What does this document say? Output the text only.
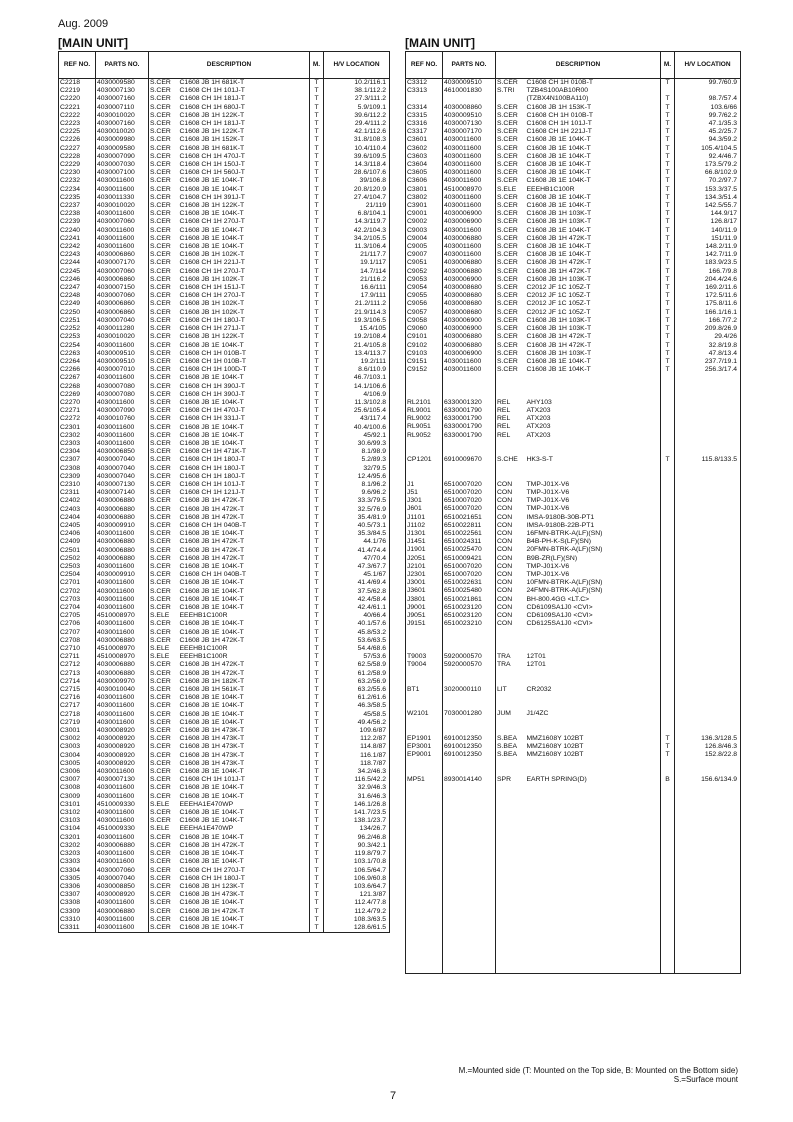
Aug. 2009
[MAIN UNIT]
REF NO.	PARTS NO.	DESCRIPTION		M.	H/V LOCATION
C2218	4030009580	S.CER	C1608 JB 1H 681K-T	T	10.2/116.1
C2219	4030007130	S.CER	C1608 CH 1H 101J-T	T	38.1/112.2
C2220	4030007160	S.CER	C1608 CH 1H 181J-T	T	27.3/111.2
C2221	4030007110	S.CER	C1608 CH 1H 680J-T	T	5.9/109.1
C2222	4030010020	S.CER	C1608 JB 1H 122K-T	T	39.6/112.2
C2223	4030007160	S.CER	C1608 CH 1H 181J-T	T	29.4/111.2
C2225	4030010020	S.CER	C1608 JB 1H 122K-T	T	42.1/112.6
C2226	4030009980	S.CER	C1608 JB 1H 152K-T	T	31.8/108.3
C2227	4030009580	S.CER	C1608 JB 1H 681K-T	T	10.4/110.4
C2228	4030007090	S.CER	C1608 CH 1H 470J-T	T	39.6/109.5
C2229	4030007030	S.CER	C1608 CH 1H 150J-T	T	14.3/118.4
C2230	4030007100	S.CER	C1608 CH 1H 560J-T	T	28.6/107.6
C2232	4030011600	S.CER	C1608 JB 1E 104K-T	T	39/106.8
C2234	4030011600	S.CER	C1608 JB 1E 104K-T	T	20.8/120.9
C2235	4030011330	S.CER	C1608 CH 1H 391J-T	T	27.4/104.7
C2237	4030010020	S.CER	C1608 JB 1H 122K-T	T	21/119
C2238	4030011600	S.CER	C1608 JB 1E 104K-T	T	6.8/104.1
C2239	4030007060	S.CER	C1608 CH 1H 270J-T	T	14.3/119.7
C2240	4030011600	S.CER	C1608 JB 1E 104K-T	T	42.2/104.3
C2241	4030011600	S.CER	C1608 JB 1E 104K-T	T	34.2/105.5
C2242	4030011600	S.CER	C1608 JB 1E 104K-T	T	11.3/106.4
C2243	4030006860	S.CER	C1608 JB 1H 102K-T	T	21/117.7
C2244	4030007170	S.CER	C1608 CH 1H 221J-T	T	19.1/117
C2245	4030007060	S.CER	C1608 CH 1H 270J-T	T	14.7/114
C2246	4030006860	S.CER	C1608 JB 1H 102K-T	T	21/116.2
C2247	4030007150	S.CER	C1608 CH 1H 151J-T	T	16.6/111
C2248	4030007060	S.CER	C1608 CH 1H 270J-T	T	17.9/111
C2249	4030006860	S.CER	C1608 JB 1H 102K-T	T	21.2/111.2
C2250	4030006860	S.CER	C1608 JB 1H 102K-T	T	21.9/114.3
C2251	4030007040	S.CER	C1608 CH 1H 180J-T	T	19.3/106.5
C2252	4030011280	S.CER	C1608 CH 1H 271J-T	T	15.4/105
C2253	4030010020	S.CER	C1608 JB 1H 122K-T	T	19.2/108.4
C2254	4030011600	S.CER	C1608 JB 1E 104K-T	T	21.4/105.8
C2263	4030009510	S.CER	C1608 CH 1H 010B-T	T	13.4/113.7
C2264	4030009510	S.CER	C1608 CH 1H 010B-T	T	19.2/111
C2266	4030007010	S.CER	C1608 CH 1H 100D-T	T	8.6/110.9
C2267	4030011600	S.CER	C1608 JB 1E 104K-T	T	46.7/103.1
C2268	4030007080	S.CER	C1608 CH 1H 390J-T	T	14.1/106.6
C2269	4030007080	S.CER	C1608 CH 1H 390J-T	T	4/106.9
C2270	4030011600	S.CER	C1608 JB 1E 104K-T	T	11.3/102.8
C2271	4030007090	S.CER	C1608 CH 1H 470J-T	T	25.6/105.4
C2272	4030010760	S.CER	C1608 CH 1H 331J-T	T	43/117.4
C2301	4030011600	S.CER	C1608 JB 1E 104K-T	T	40.4/100.6
C2302	4030011600	S.CER	C1608 JB 1E 104K-T	T	45/92.1
C2303	4030011600	S.CER	C1608 JB 1E 104K-T	T	30.6/99.3
C2304	4030006850	S.CER	C1608 CH 1H 471K-T	T	8.1/98.9
C2307	4030007040	S.CER	C1608 CH 1H 180J-T	T	5.2/89.3
C2308	4030007040	S.CER	C1608 CH 1H 180J-T	T	32/79.5
C2309	4030007040	S.CER	C1608 CH 1H 180J-T	T	12.4/95.6
C2310	4030007130	S.CER	C1608 CH 1H 101J-T	T	8.1/96.2
C2311	4030007140	S.CER	C1608 CH 1H 121J-T	T	9.6/96.2
C2402	4030006880	S.CER	C1608 JB 1H 472K-T	T	33.3/79.5
C2403	4030006880	S.CER	C1608 JB 1H 472K-T	T	32.5/76.9
C2404	4030006880	S.CER	C1608 JB 1H 472K-T	T	35.4/81.9
C2405	4030009910	S.CER	C1608 CH 1H 040B-T	T	40.5/73.1
C2406	4030011600	S.CER	C1608 JB 1E 104K-T	T	35.3/84.5
C2409	4030006880	S.CER	C1608 JB 1H 472K-T	T	44.1/76
C2501	4030006880	S.CER	C1608 JB 1H 472K-T	T	41.4/74.4
C2502	4030006880	S.CER	C1608 JB 1H 472K-T	T	47/70.4
C2503	4030011600	S.CER	C1608 JB 1E 104K-T	T	47.3/67.7
C2504	4030009910	S.CER	C1608 CH 1H 040B-T	T	45.1/67
C2701	4030011600	S.CER	C1608 JB 1E 104K-T	T	41.4/69.4
C2702	4030011600	S.CER	C1608 JB 1E 104K-T	T	37.5/62.8
C2703	4030011600	S.CER	C1608 JB 1E 104K-T	T	42.4/58.4
C2704	4030011600	S.CER	C1608 JB 1E 104K-T	T	42.4/61.1
C2705	4510008970	S.ELE	EEEHB1C100R	T	40/66.4
C2706	4030011600	S.CER	C1608 JB 1E 104K-T	T	40.1/57.6
C2707	4030011600	S.CER	C1608 JB 1E 104K-T	T	45.8/53.2
C2708	4030006880	S.CER	C1608 JB 1H 472K-T	T	53.6/63.5
C2710	4510008970	S.ELE	EEEHB1C100R	T	54.4/68.6
C2711	4510008970	S.ELE	EEEHB1C100R	T	57/53.6
C2712	4030006880	S.CER	C1608 JB 1H 472K-T	T	62.5/58.9
C2713	4030006880	S.CER	C1608 JB 1H 472K-T	T	61.2/58.9
C2714	4030009970	S.CER	C1608 JB 1H 182K-T	T	63.2/56.9
C2715	4030010040	S.CER	C1608 JB 1H 561K-T	T	63.2/55.6
C2716	4030011600	S.CER	C1608 JB 1E 104K-T	T	61.2/61.6
C2717	4030011600	S.CER	C1608 JB 1E 104K-T	T	46.3/58.5
C2718	4030011600	S.CER	C1608 JB 1E 104K-T	T	45/58.5
C2719	4030011600	S.CER	C1608 JB 1E 104K-T	T	49.4/56.2
C3001	4030008920	S.CER	C1608 JB 1H 473K-T	T	109.6/87
C3002	4030008920	S.CER	C1608 JB 1H 473K-T	T	112.2/87
C3003	4030008920	S.CER	C1608 JB 1H 473K-T	T	114.8/87
C3004	4030008920	S.CER	C1608 JB 1H 473K-T	T	116.1/87
C3005	4030008920	S.CER	C1608 JB 1H 473K-T	T	118.7/87
C3006	4030011600	S.CER	C1608 JB 1E 104K-T	T	34.2/46.3
C3007	4030007130	S.CER	C1608 CH 1H 101J-T	T	116.5/42.2
C3008	4030011600	S.CER	C1608 JB 1E 104K-T	T	32.9/46.3
C3009	4030011600	S.CER	C1608 JB 1E 104K-T	T	31.6/46.3
C3101	4510009330	S.ELE	EEEHA1E470WP	T	146.1/26.8
C3102	4030011600	S.CER	C1608 JB 1E 104K-T	T	141.7/23.5
C3103	4030011600	S.CER	C1608 JB 1E 104K-T	T	138.1/23.7
C3104	4510009330	S.ELE	EEEHA1E470WP	T	134/26.7
C3201	4030011600	S.CER	C1608 JB 1E 104K-T	T	96.2/46.8
C3202	4030006880	S.CER	C1608 JB 1H 472K-T	T	90.3/42.1
C3203	4030011600	S.CER	C1608 JB 1E 104K-T	T	119.8/79.7
C3303	4030011600	S.CER	C1608 JB 1E 104K-T	T	103.1/70.8
C3304	4030007060	S.CER	C1608 CH 1H 270J-T	T	106.5/64.7
C3305	4030007040	S.CER	C1608 CH 1H 180J-T	T	106.9/60.8
C3306	4030008850	S.CER	C1608 JB 1H 123K-T	T	103.6/64.7
C3307	4030008920	S.CER	C1608 JB 1H 473K-T	T	121.3/87
C3308	4030011600	S.CER	C1608 JB 1E 104K-T	T	112.4/77.8
C3309	4030006880	S.CER	C1608 JB 1H 472K-T	T	112.4/79.2
C3310	4030011600	S.CER	C1608 JB 1E 104K-T	T	108.3/63.5
C3311	4030011600	S.CER	C1608 JB 1E 104K-T	T	128.6/61.5
[MAIN UNIT]
REF NO.	PARTS NO.	DESCRIPTION		M.	H/V LOCATION
C3312	4030009510	S.CER	C1608 CH 1H 010B-T	T	99.7/60.9
C3313	4610001830	S.TRI	TZB4S100AB10R00		
			(TZBX4N100BA110)	T	98.7/57.4
C3314	4030008860	S.CER	C1608 JB 1H 153K-T	T	103.6/66
C3315	4030009510	S.CER	C1608 CH 1H 010B-T	T	99.7/62.2
C3316	4030007130	S.CER	C1608 CH 1H 101J-T	T	47.1/35.3
C3317	4030007170	S.CER	C1608 CH 1H 221J-T	T	45.2/25.7
C3601	4030011600	S.CER	C1608 JB 1E 104K-T	T	94.3/59.2
C3602	4030011600	S.CER	C1608 JB 1E 104K-T	T	105.4/104.5
C3603	4030011600	S.CER	C1608 JB 1E 104K-T	T	92.4/46.7
C3604	4030011600	S.CER	C1608 JB 1E 104K-T	T	173.5/79.2
C3605	4030011600	S.CER	C1608 JB 1E 104K-T	T	66.8/102.9
C3606	4030011600	S.CER	C1608 JB 1E 104K-T	T	70.2/97.7
C3801	4510008970	S.ELE	EEEHB1C100R	T	153.3/37.5
C3802	4030011600	S.CER	C1608 JB 1E 104K-T	T	134.3/51.4
C3901	4030011600	S.CER	C1608 JB 1E 104K-T	T	142.5/55.7
C9001	4030006900	S.CER	C1608 JB 1H 103K-T	T	144.9/17
C9002	4030006900	S.CER	C1608 JB 1H 103K-T	T	126.8/17
C9003	4030011600	S.CER	C1608 JB 1E 104K-T	T	140/11.9
C9004	4030006880	S.CER	C1608 JB 1H 472K-T	T	151/11.9
C9005	4030011600	S.CER	C1608 JB 1E 104K-T	T	148.2/11.9
C9007	4030011600	S.CER	C1608 JB 1E 104K-T	T	142.7/11.9
C9051	4030006880	S.CER	C1608 JB 1H 472K-T	T	183.9/23.5
C9052	4030006880	S.CER	C1608 JB 1H 472K-T	T	166.7/9.8
C9053	4030006900	S.CER	C1608 JB 1H 103K-T	T	204.4/24.6
C9054	4030008680	S.CER	C2012 JF 1C 105Z-T	T	169.2/11.6
C9055	4030008680	S.CER	C2012 JF 1C 105Z-T	T	172.5/11.6
C9056	4030008680	S.CER	C2012 JF 1C 105Z-T	T	175.8/11.6
C9057	4030008680	S.CER	C2012 JF 1C 105Z-T	T	166.1/16.1
C9058	4030006900	S.CER	C1608 JB 1H 103K-T	T	166.7/7.2
C9060	4030006900	S.CER	C1608 JB 1H 103K-T	T	209.8/26.9
C9101	4030006880	S.CER	C1608 JB 1H 472K-T	T	29.4/26
C9102	4030006880	S.CER	C1608 JB 1H 472K-T	T	32.8/19.8
C9103	4030006900	S.CER	C1608 JB 1H 103K-T	T	47.8/13.4
C9151	4030011600	S.CER	C1608 JB 1E 104K-T	T	237.7/19.1
C9152	4030011600	S.CER	C1608 JB 1E 104K-T	T	256.3/17.4

RL2101	6330001320	REL	AHY103		
RL9001	6330001790	REL	ATX203		
RL9002	6330001790	REL	ATX203		
RL9051	6330001790	REL	ATX203		
RL9052	6330001790	REL	ATX203		

CP1201	6910009670	S.CHE	HK3-S-T	T	115.8/133.5

J1	6510007020	CON	TMP-J01X-V6		
J51	6510007020	CON	TMP-J01X-V6		
J301	6510007020	CON	TMP-J01X-V6		
J601	6510007020	CON	TMP-J01X-V6		
J1101	6510021651	CON	IMSA-9180B-30B-PT1		
J1102	6510022811	CON	IMSA-9180B-22B-PT1		
J1301	6510022561	CON	16FMN-BTRK-A(LF)(SN)		
J1451	6510024311	CON	B4B-PH-K-S(LF)(SN)		
J1901	6510025470	CON	20FMN-BTRK-A(LF)(SN)		
J2051	6510009421	CON	B9B-ZR(LF)(SN)		
J2101	6510007020	CON	TMP-J01X-V6		
J2301	6510007020	CON	TMP-J01X-V6		
J3001	6510022631	CON	10FMN-BTRK-A(LF)(SN)		
J3601	6510025480	CON	24FMN-BTRK-A(LF)(SN)		
J3801	6510021861	CON	BH-800.4GG <LT.C>		
J9001	6510023120	CON	CD6109SA1J0 <CVI>		
J9051	6510023120	CON	CD6109SA1J0 <CVI>		
J9151	6510023210	CON	CD6125SA1J0 <CVI>		

T9003	5920000570	TRA	12T01		
T9004	5920000570	TRA	12T01		

BT1	3020000110	LIT	CR2032		

W2101	7030001280	JUM	J1/4ZC		

EP1901	6910012350	S.BEA	MMZ1608Y 102BT	T	136.3/128.5
EP3001	6910012350	S.BEA	MMZ1608Y 102BT	T	126.8/46.3
EP9001	6910012350	S.BEA	MMZ1608Y 102BT	T	152.8/22.8

MP51	8930014140	SPR	EARTH SPRING(D)	B	156.6/134.9

M.=Mounted side (T: Mounted on the Top side, B: Mounted on the Bottom side)
S.=Surface mount
7
